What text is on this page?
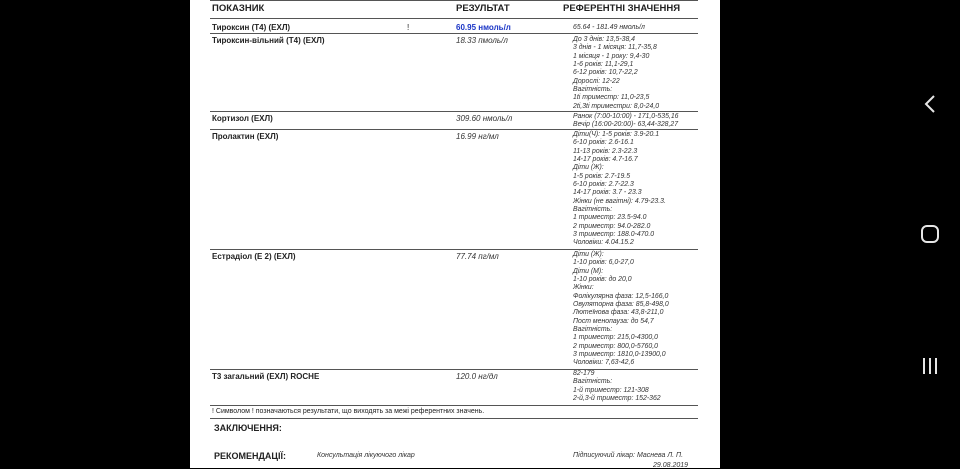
ПОКАЗНИК	РЕЗУЛЬТАТ	РЕФЕРЕНТНІ ЗНАЧЕННЯ
Тироксин (Т4) (ЕХЛ)	!	60.95 нмоль/л	65.64 - 181.49 нмоль/л
Тироксин-вільний (Т4) (ЕХЛ)	18.33 пмоль/л	До 3 днів: 13,5-38,4
3 днів - 1 місяця: 11,7-35,8
1 місяця - 1 року: 9,4-30
1-6 років: 11,1-29,1
6-12 років: 10,7-22,2
Дорослі: 12-22
Вагітність:
1ti триместр: 11,0-23,5
2ti,3ti триместри: 8,0-24,0
Кортизол (ЕХЛ)	309.60 нмоль/л	Ранок (7:00-10:00) - 171,0-535,16
Вечір (16:00-20:00)- 63,44-328,27
Пролактин (ЕХЛ)	16.99 нг/мл	Діти(Ч): 1-5 років: 3.9-20.1
6-10 років: 2.6-16.1
11-13 років: 2.3-22.3
14-17 років: 4.7-16.7
Діти (Ж):
1-5 років: 2.7-19.5
6-10 років: 2.7-22.3
14-17 років: 3.7 - 23.3
Жінки (не вагітні): 4.79-23.3.
Вагітність:
1 триместр: 23.5-94.0
2 триместр: 94.0-282.0
3 триместр: 188.0-470.0
Чоловіки: 4.04.15.2
Естрадіол (Е 2) (ЕХЛ)	77.74 пг/мл	Діти (Ж):
1-10 років: 6,0-27,0
Діти (М):
1-10 років: до 20,0
Жінки:
Фолікулярна фаза: 12,5-166,0
Овуляторна фаза: 85,8-498,0
Лютеїнова фаза: 43,8-211,0
Пост менопауза: до 54,7
Вагітність:
1 триместр: 215,0-4300,0
2 триместр: 800,0-5760,0
3 триместр: 1810,0-13900,0
Чоловіки: 7,63-42,6
Т3 загальний (ЕХЛ) ROCHE	120.0 нг/дл	82-179
Вагітність:
1-й триместр: 121-308
2-й,3-й триместр: 152-362
! Символом ! позначаються результати, що виходять за межі референтних значень.
ЗАКЛЮЧЕННЯ:
РЕКОМЕНДАЦІЇ:	Консультація лікуючого лікар	Підписуючий лікар: Маснева Л. П.
29.08.2019
